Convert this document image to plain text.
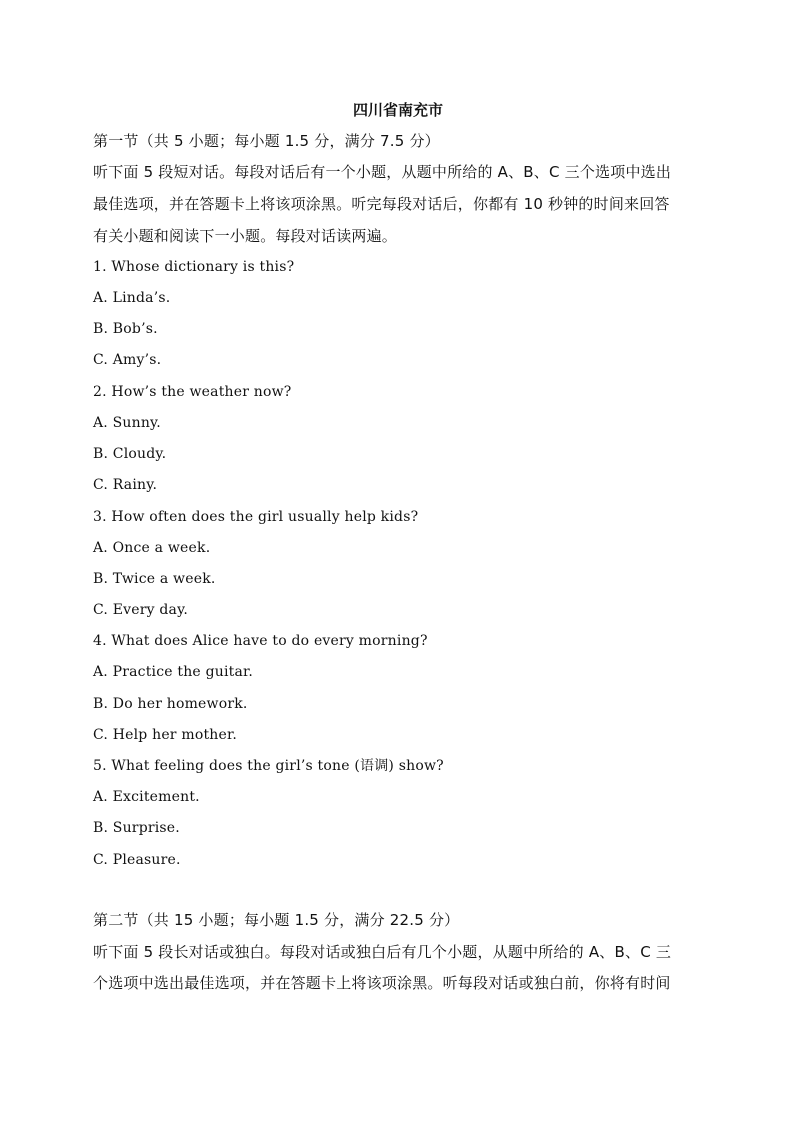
四川省南充市
第一节（共 5 小题；每小题 1.5 分，满分 7.5 分）
听下面 5 段短对话。每段对话后有一个小题，从题中所给的 A、B、C 三个选项中选出
最佳选项，并在答题卡上将该项涂黑。听完每段对话后，你都有 10 秒钟的时间来回答
有关小题和阅读下一小题。每段对话读两遍。
1. Whose dictionary is this?
A. Linda’s.
B. Bob’s.
C. Amy’s.
2. How’s the weather now?
A. Sunny.
B. Cloudy.
C. Rainy.
3. How often does the girl usually help kids?
A. Once a week.
B. Twice a week.
C. Every day.
4. What does Alice have to do every morning?
A. Practice the guitar.
B. Do her homework.
C. Help her mother.
5. What feeling does the girl’s tone (语调) show?
A. Excitement.
B. Surprise.
C. Pleasure.
第二节（共 15 小题；每小题 1.5 分，满分 22.5 分）
听下面 5 段长对话或独白。每段对话或独白后有几个小题，从题中所给的 A、B、C 三
个选项中选出最佳选项，并在答题卡上将该项涂黑。听每段对话或独白前，你将有时间
